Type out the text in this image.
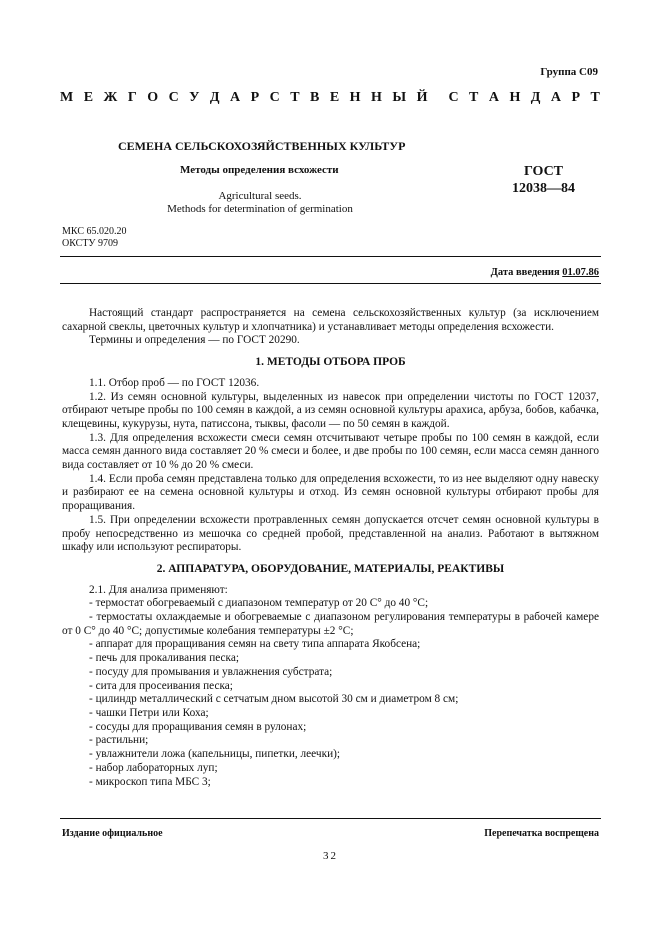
Группа С09
М Е Ж Г О С У Д А Р С Т В Е Н Н Ы Й С Т А Н Д А Р Т
СЕМЕНА СЕЛЬСКОХОЗЯЙСТВЕННЫХ КУЛЬТУР
Методы определения всхожести
Agricultural seeds.
Methods for determination of germination
ГОСТ
12038—84
МКС 65.020.20
ОКСТУ 9709
Дата введения 01.07.86

Настоящий стандарт распространяется на семена сельскохозяйственных культур (за исключением сахарной свеклы, цветочных культур и хлопчатника) и устанавливает методы определения всхожести.

Термины и определения — по ГОСТ 20290.

1. МЕТОДЫ ОТБОРА ПРОБ

1.1. Отбор проб — по ГОСТ 12036.

1.2. Из семян основной культуры, выделенных из навесок при определении чистоты по ГОСТ 12037, отбирают четыре пробы по 100 семян в каждой, а из семян основной культуры арахиса, арбуза, бобов, кабачка, клещевины, кукурузы, нута, патиссона, тыквы, фасоли — по 50 семян в каждой.

1.3. Для определения всхожести смеси семян отсчитывают четыре пробы по 100 семян в каждой, если масса семян данного вида составляет 20 % смеси и более, и две пробы по 100 семян, если масса семян данного вида составляет от 10 % до 20 % смеси.

1.4. Если проба семян представлена только для определения всхожести, то из нее выделяют одну навеску и разбирают ее на семена основной культуры и отход. Из семян основной культуры отбирают пробы для проращивания.

1.5. При определении всхожести протравленных семян допускается отсчет семян основной культуры в пробу непосредственно из мешочка со средней пробой, представленной на анализ. Работают в вытяжном шкафу или используют респираторы.

2. АППАРАТУРА, ОБОРУДОВАНИЕ, МАТЕРИАЛЫ, РЕАКТИВЫ

2.1. Для анализа применяют:

- термостат обогреваемый с диапазоном температур от 20 С° до 40 °С;

- термостаты охлаждаемые и обогреваемые с диапазоном регулирования температуры в рабочей камере от 0 С° до 40 °С; допустимые колебания температуры ±2 °С;

- аппарат для проращивания семян на свету типа аппарата Якобсена;

- печь для прокаливания песка;

- посуду для промывания и увлажнения субстрата;

- сита для просеивания песка;

- цилиндр металлический с сетчатым дном высотой 30 см и диаметром 8 см;

- чашки Петри или Коха;

- сосуды для проращивания семян в рулонах;

- растильни;

- увлажнители ложа (капельницы, пипетки, леечки);

- набор лабораторных луп;

- микроскоп типа МБС 3;

Издание официальное	Перепечатка воспрещена
32
